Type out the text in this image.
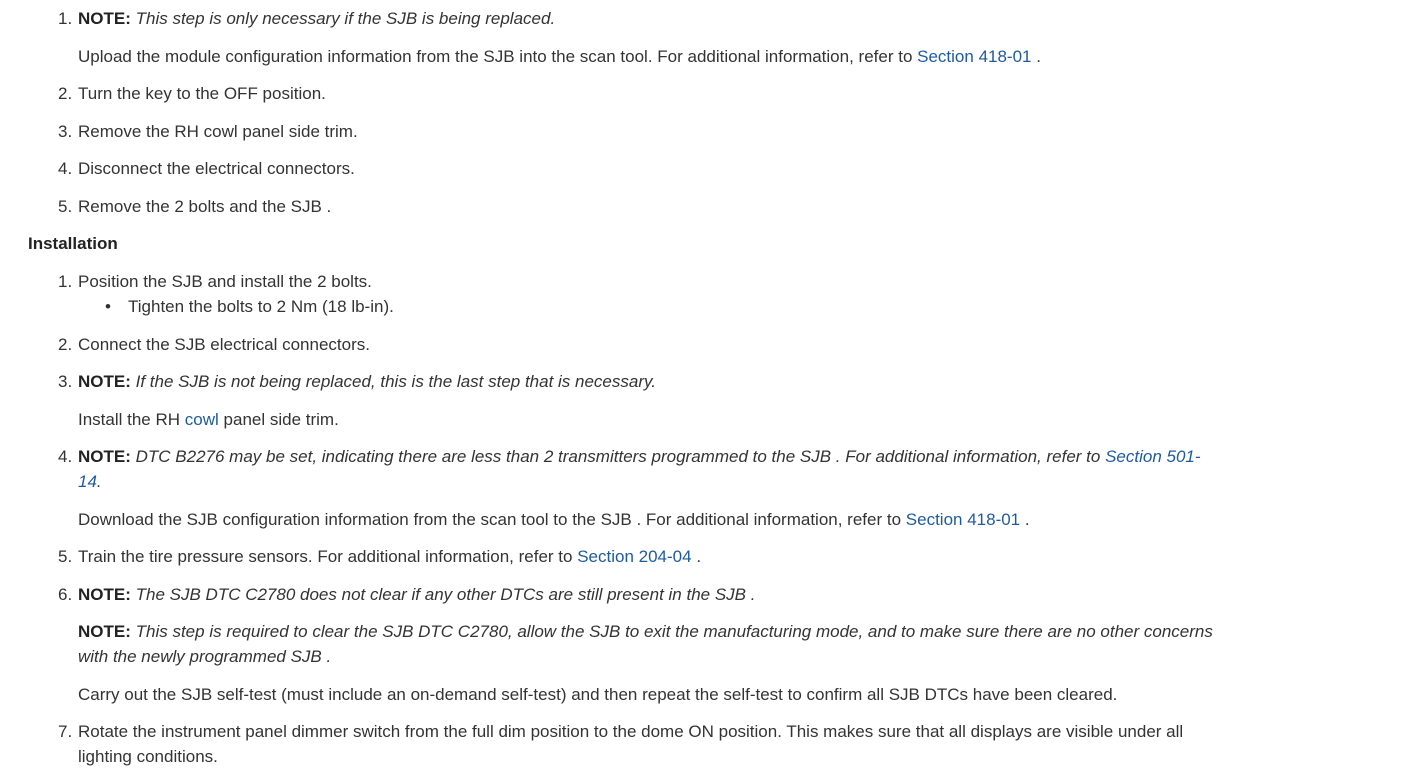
1. NOTE: This step is only necessary if the SJB is being replaced.
Upload the module configuration information from the SJB into the scan tool. For additional information, refer to Section 418-01 .
2. Turn the key to the OFF position.
3. Remove the RH cowl panel side trim.
4. Disconnect the electrical connectors.
5. Remove the 2 bolts and the SJB .
Installation
1. Position the SJB and install the 2 bolts.
• Tighten the bolts to 2 Nm (18 lb-in).
2. Connect the SJB electrical connectors.
3. NOTE: If the SJB is not being replaced, this is the last step that is necessary.
Install the RH cowl panel side trim.
4. NOTE: DTC B2276 may be set, indicating there are less than 2 transmitters programmed to the SJB . For additional information, refer to Section 501-
14.
Download the SJB configuration information from the scan tool to the SJB . For additional information, refer to Section 418-01 .
5. Train the tire pressure sensors. For additional information, refer to Section 204-04 .
6. NOTE: The SJB DTC C2780 does not clear if any other DTCs are still present in the SJB .
NOTE: This step is required to clear the SJB DTC C2780, allow the SJB to exit the manufacturing mode, and to make sure there are no other concerns
with the newly programmed SJB .
Carry out the SJB self-test (must include an on-demand self-test) and then repeat the self-test to confirm all SJB DTCs have been cleared.
7. Rotate the instrument panel dimmer switch from the full dim position to the dome ON position. This makes sure that all displays are visible under all
lighting conditions.
